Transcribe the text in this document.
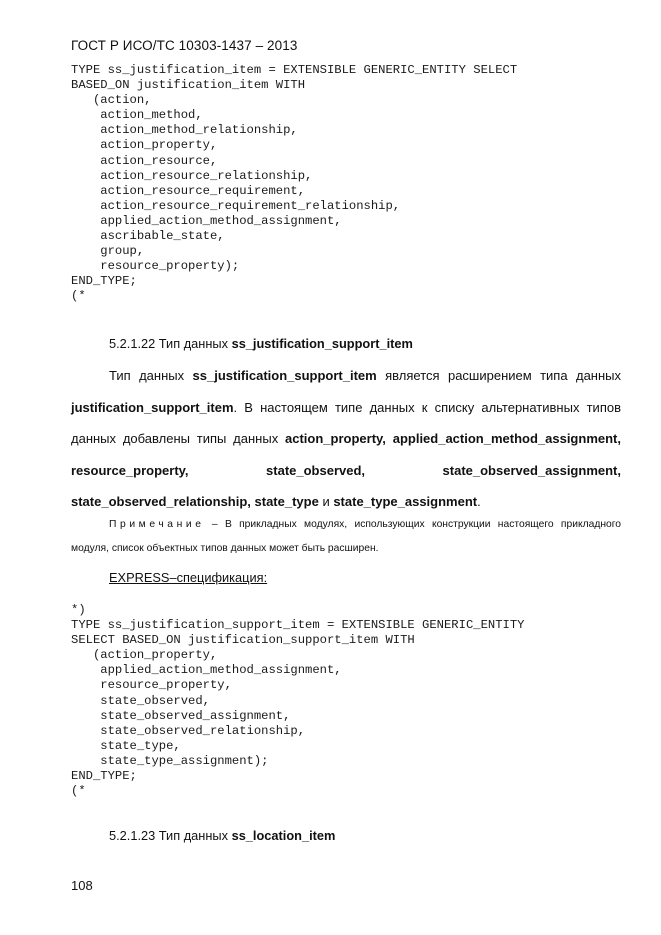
ГОСТ Р ИСО/ТС 10303-1437 – 2013
TYPE ss_justification_item = EXTENSIBLE GENERIC_ENTITY SELECT
BASED_ON justification_item WITH
(action,
action_method,
action_method_relationship,
action_property,
action_resource,
action_resource_relationship,
action_resource_requirement,
action_resource_requirement_relationship,
applied_action_method_assignment,
ascribable_state,
group,
resource_property);
END_TYPE;
(*
5.2.1.22 Тип данных ss_justification_support_item
Тип данных ss_justification_support_item является расширением типа данных justification_support_item. В настоящем типе данных к списку альтернативных типов данных добавлены типы данных action_property, applied_action_method_assignment, resource_property, state_observed, state_observed_assignment, state_observed_relationship, state_type и state_type_assignment.
Примечание – В прикладных модулях, использующих конструкции настоящего прикладного модуля, список объектных типов данных может быть расширен.
EXPRESS–спецификация:
*)
TYPE ss_justification_support_item = EXTENSIBLE GENERIC_ENTITY
SELECT BASED_ON justification_support_item WITH
(action_property,
applied_action_method_assignment,
resource_property,
state_observed,
state_observed_assignment,
state_observed_relationship,
state_type,
state_type_assignment);
END_TYPE;
(*
5.2.1.23 Тип данных ss_location_item
108
